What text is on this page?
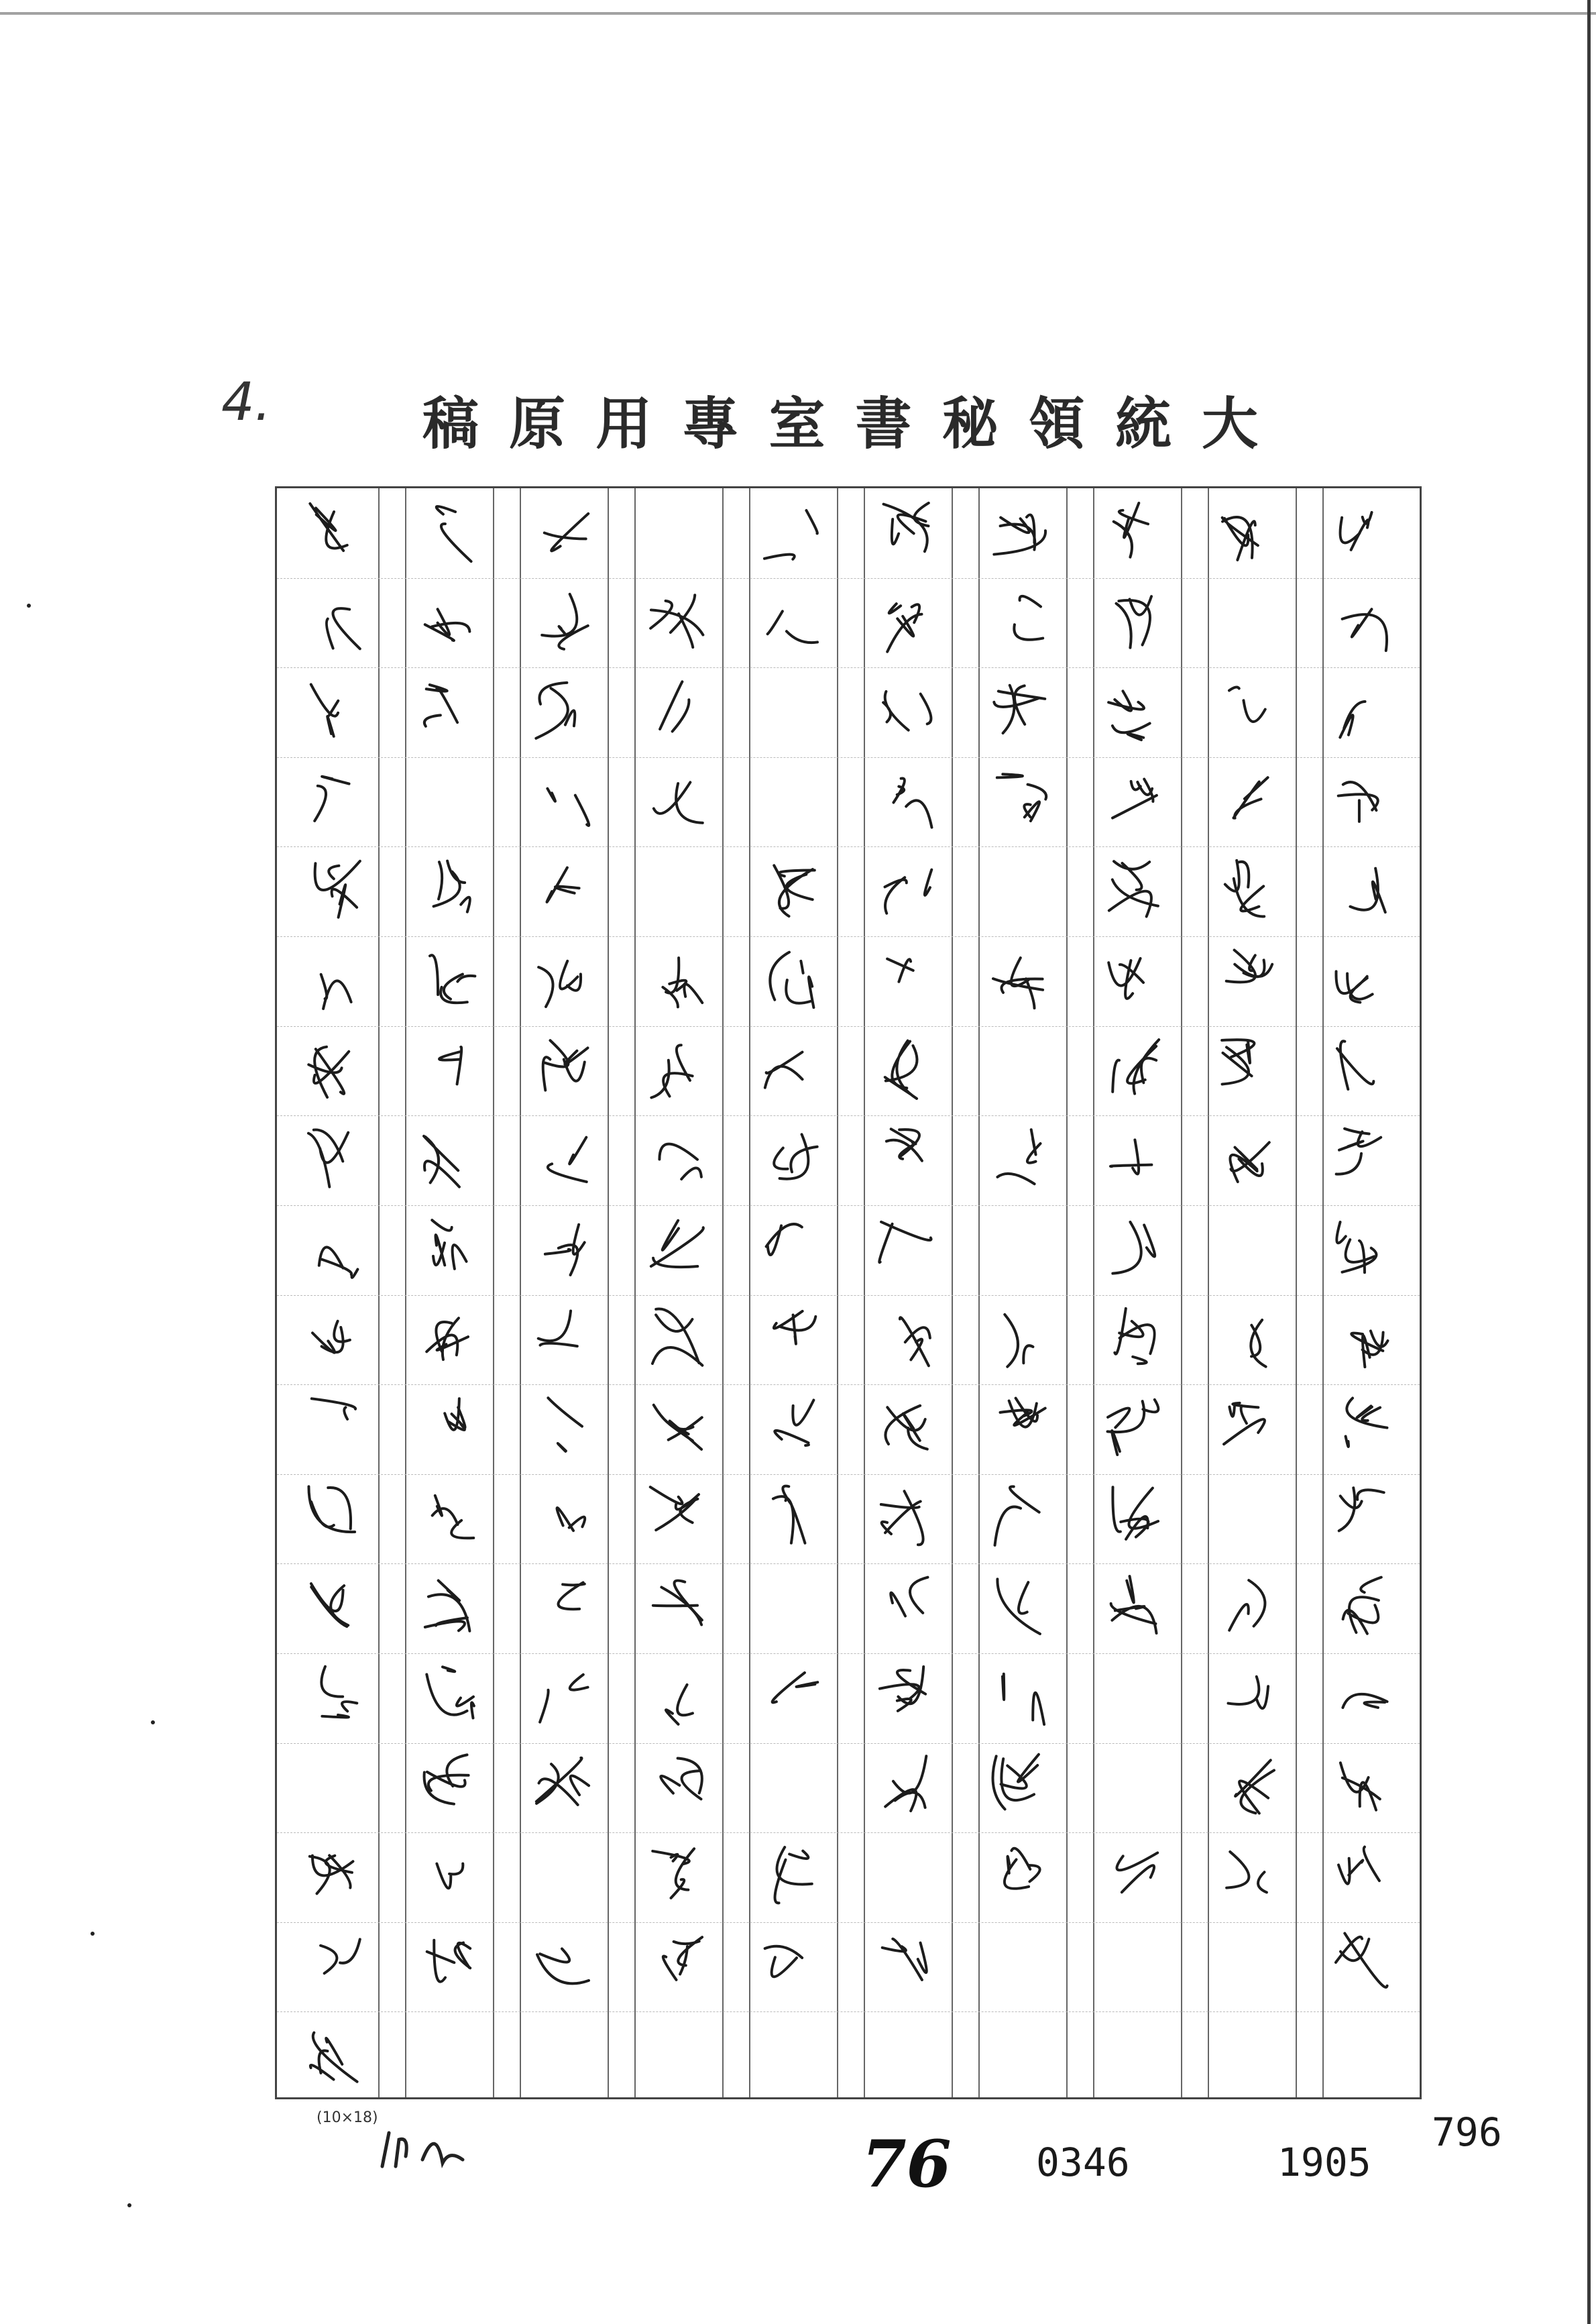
4.	稿 原 用 專 室 書 秘 領 統 大
(10×18)
76 0346	1905
796
